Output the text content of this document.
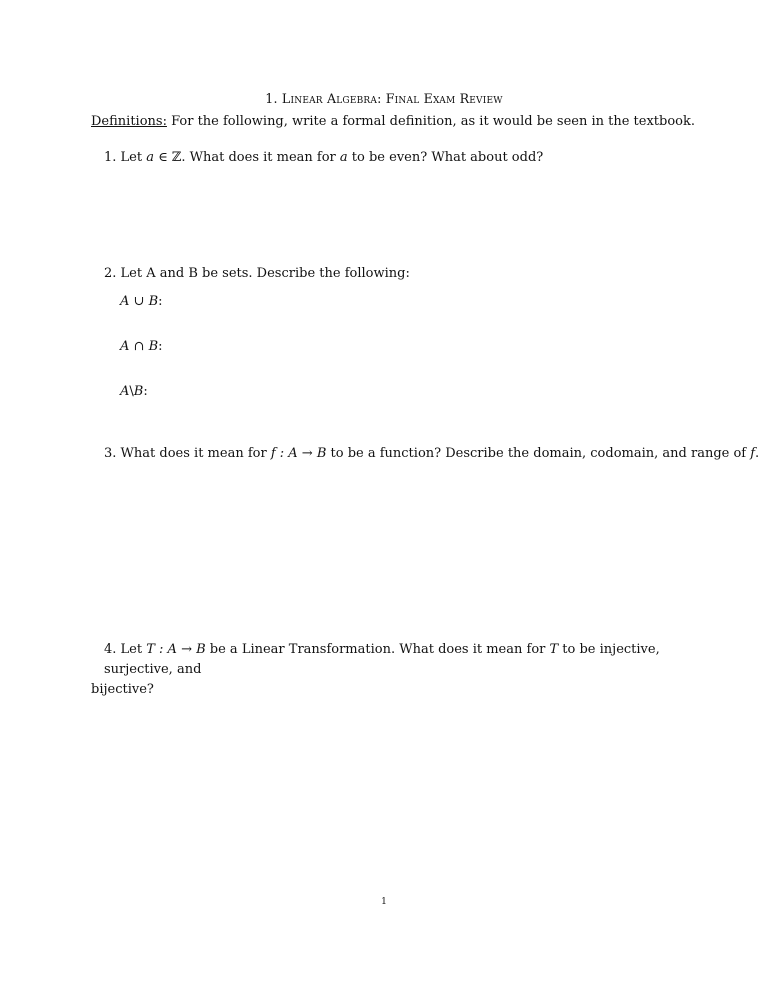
1. Linear Algebra: Final Exam Review
Definitions: For the following, write a formal definition, as it would be seen in the textbook.
1. Let a ∈ ℤ. What does it mean for a to be even? What about odd?
2. Let A and B be sets. Describe the following:
A ∪ B:
A ∩ B:
A\B:
3. What does it mean for f : A → B to be a function? Describe the domain, codomain, and range of f.
4. Let T : A → B be a Linear Transformation. What does it mean for T to be injective, surjective, and
bijective?
1
